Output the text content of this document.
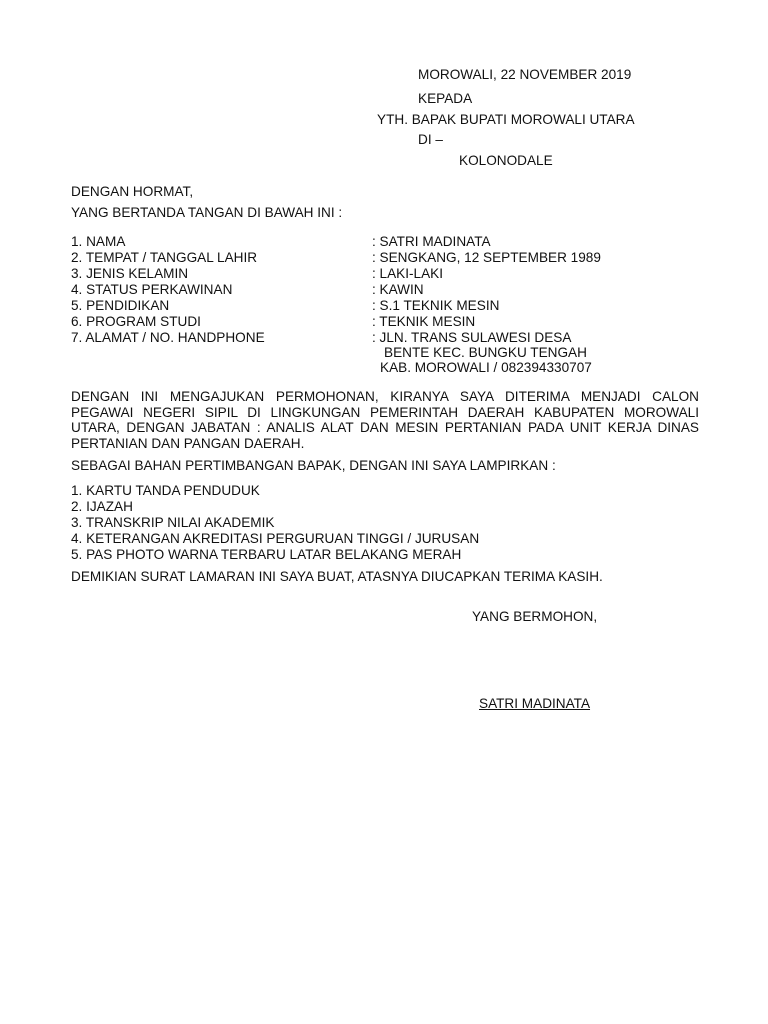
MOROWALI, 22 NOVEMBER 2019
KEPADA
YTH. BAPAK BUPATI MOROWALI UTARA
DI –
KOLONODALE
DENGAN HORMAT,
YANG BERTANDA TANGAN DI BAWAH INI :
1. NAMA	: SATRI MADINATA
2. TEMPAT / TANGGAL LAHIR	: SENGKANG, 12 SEPTEMBER 1989
3. JENIS KELAMIN	: LAKI-LAKI
4. STATUS PERKAWINAN	: KAWIN
5. PENDIDIKAN	: S.1 TEKNIK MESIN
6. PROGRAM STUDI	: TEKNIK MESIN
7. ALAMAT / NO. HANDPHONE	: JLN. TRANS SULAWESI DESA
BENTE KEC. BUNGKU TENGAH
KAB. MOROWALI / 082394330707
DENGAN INI MENGAJUKAN PERMOHONAN, KIRANYA SAYA DITERIMA MENJADI CALON PEGAWAI NEGERI SIPIL DI LINGKUNGAN PEMERINTAH DAERAH KABUPATEN MOROWALI UTARA, DENGAN JABATAN : ANALIS ALAT DAN MESIN PERTANIAN PADA UNIT KERJA DINAS PERTANIAN DAN PANGAN DAERAH.
SEBAGAI BAHAN PERTIMBANGAN BAPAK, DENGAN INI SAYA LAMPIRKAN :
1. KARTU TANDA PENDUDUK
2. IJAZAH
3. TRANSKRIP NILAI AKADEMIK
4. KETERANGAN AKREDITASI PERGURUAN TINGGI / JURUSAN
5. PAS PHOTO WARNA TERBARU LATAR BELAKANG MERAH
DEMIKIAN SURAT LAMARAN INI SAYA BUAT, ATASNYA DIUCAPKAN TERIMA KASIH.
YANG BERMOHON,
SATRI MADINATA
